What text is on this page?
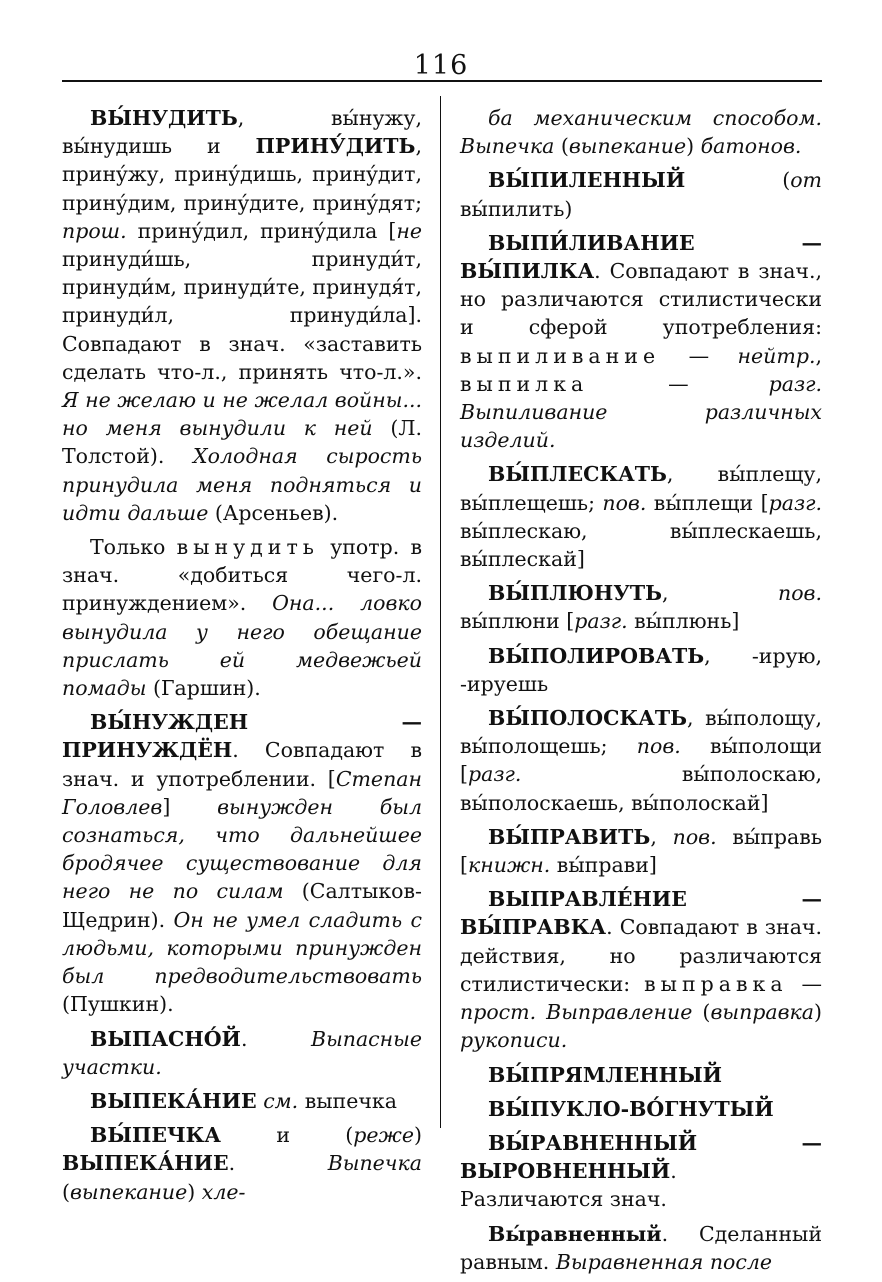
116

ВЫ́НУДИТЬ, вы́нужу, вы́нудишь и ПРИНУ́ДИТЬ, принýжу, принýдишь, принýдит, принýдим, принýдите, принýдят; прош. принýдил, принýдила [не принуди́шь, принуди́т, принуди́м, принуди́те, принудя́т, принуди́л, принуди́ла]. Совпадают в знач. «заставить сделать что-л., принять что-л.». Я не желаю и не желал войны... но меня вынудили к ней (Л. Толстой). Холодная сырость принудила меня подняться и идти дальше (Арсеньев).

Только вынудить употр. в знач. «добиться чего-л. принуждением». Она... ловко вынудила у него обещание прислать ей медвежьей помады (Гаршин).

ВЫ́НУЖДЕН — ПРИНУЖДЁН. Совпадают в знач. и употреблении. [Степан Головлев] вынужден был сознаться, что дальнейшее бродячее существование для него не по силам (Салтыков-Щедрин). Он не умел сладить с людьми, которыми принужден был предводительствовать (Пушкин).

ВЫПАСНО́Й. Выпасные участки.

ВЫПЕКА́НИЕ см. выпечка

ВЫ́ПЕЧКА и (реже) ВЫПЕКА́НИЕ. Выпечка (выпекание) хле-

ба механическим способом. Выпечка (выпекание) батонов.

ВЫ́ПИЛЕННЫЙ (от вы́пилить)

ВЫПИ́ЛИВАНИЕ — ВЫ́ПИЛКА. Совпадают в знач., но различаются стилистически и сферой употребления: выпиливание — нейтр., выпилка — разг. Выпиливание различных изделий.

ВЫ́ПЛЕСКАТЬ, вы́плещу, вы́плещешь; пов. вы́плещи [разг. вы́плескаю, вы́плескаешь, вы́плескай]

ВЫ́ПЛЮНУТЬ, пов. вы́плюни [разг. вы́плюнь]

ВЫ́ПОЛИРОВАТЬ, -ирую, -ируешь

ВЫ́ПОЛОСКАТЬ, вы́полощу, вы́полощешь; пов. вы́полощи [разг. вы́полоскаю, вы́полоскаешь, вы́полоскай]

ВЫ́ПРАВИТЬ, пов. вы́правь [книжн. вы́прави]

ВЫПРАВЛЕ́НИЕ — ВЫ́ПРАВКА. Совпадают в знач. действия, но различаются стилистически: выправка — прост. Выправление (выправка) рукописи.

ВЫ́ПРЯМЛЕННЫЙ

ВЫ́ПУКЛО-ВО́ГНУТЫЙ

ВЫ́РАВНЕННЫЙ — ВЫРОВНЕННЫЙ. Различаются знач.

Вы́равненный. Сделанный равным. Выравненная после
